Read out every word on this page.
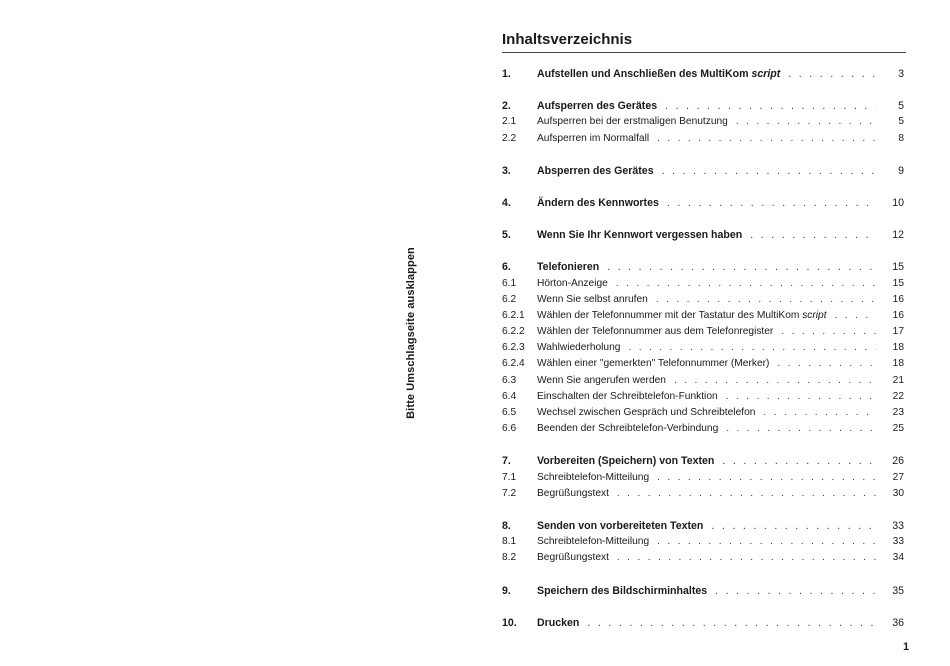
Bitte Umschlagseite ausklappen
Inhaltsverzeichnis
1. Aufstellen und Anschließen des MultiKom script . . .	3
2. Aufsperren des Gerätes . . .	5
2.1 Aufsperren bei der erstmaligen Benutzung . . .	5
2.2 Aufsperren im Normalfall . . .	8
3. Absperren des Gerätes . . .	9
4. Ändern des Kennwortes . . .	10
5. Wenn Sie Ihr Kennwort vergessen haben . . .	12
6. Telefonieren . . .	15
6.1 Hörton-Anzeige . . .	15
6.2 Wenn Sie selbst anrufen . . .	16
6.2.1 Wählen der Telefonnummer mit der Tastatur des MultiKom script . . .	16
6.2.2 Wählen der Telefonnummer aus dem Telefonregister . . .	17
6.2.3 Wahlwiederholung . . .	18
6.2.4 Wählen einer "gemerkten" Telefonnummer (Merker) . . .	18
6.3 Wenn Sie angerufen werden . . .	21
6.4 Einschalten der Schreibtelefon-Funktion . . .	22
6.5 Wechsel zwischen Gespräch und Schreibtelefon . . .	23
6.6 Beenden der Schreibtelefon-Verbindung . . .	25
7. Vorbereiten (Speichern) von Texten . . .	26
7.1 Schreibtelefon-Mitteilung . . .	27
7.2 Begrüßungstext . . .	30
8. Senden von vorbereiteten Texten . . .	33
8.1 Schreibtelefon-Mitteilung . . .	33
8.2 Begrüßungstext . . .	34
9. Speichern des Bildschirminhaltes . . .	35
10. Drucken . . .	36
1
